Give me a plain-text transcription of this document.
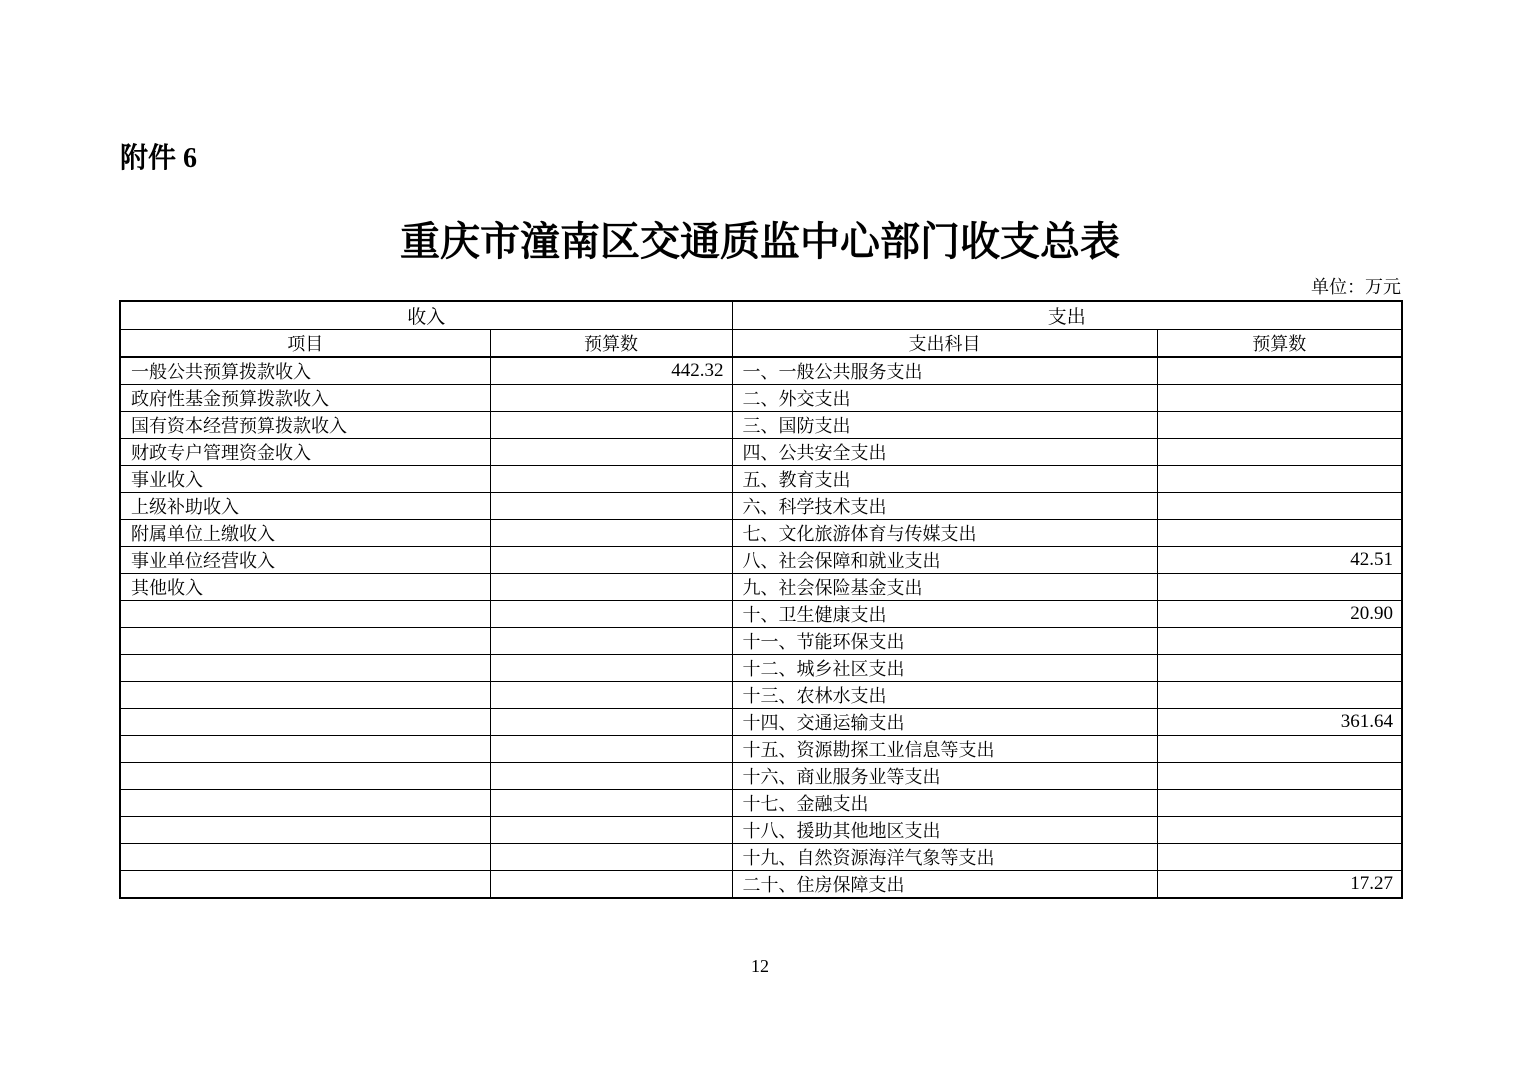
附件 6
重庆市潼南区交通质监中心部门收支总表
单位：万元
收入		支出	
项目	预算数	支出科目	预算数
一般公共预算拨款收入	442.32	一、一般公共服务支出	
政府性基金预算拨款收入		二、外交支出	
国有资本经营预算拨款收入		三、国防支出	
财政专户管理资金收入		四、公共安全支出	
事业收入		五、教育支出	
上级补助收入		六、科学技术支出	
附属单位上缴收入		七、文化旅游体育与传媒支出	
事业单位经营收入		八、社会保障和就业支出	42.51
其他收入		九、社会保险基金支出	
		十、卫生健康支出	20.90
		十一、节能环保支出	
		十二、城乡社区支出	
		十三、农林水支出	
		十四、交通运输支出	361.64
		十五、资源勘探工业信息等支出	
		十六、商业服务业等支出	
		十七、金融支出	
		十八、援助其他地区支出	
		十九、自然资源海洋气象等支出	
		二十、住房保障支出	17.27
12
